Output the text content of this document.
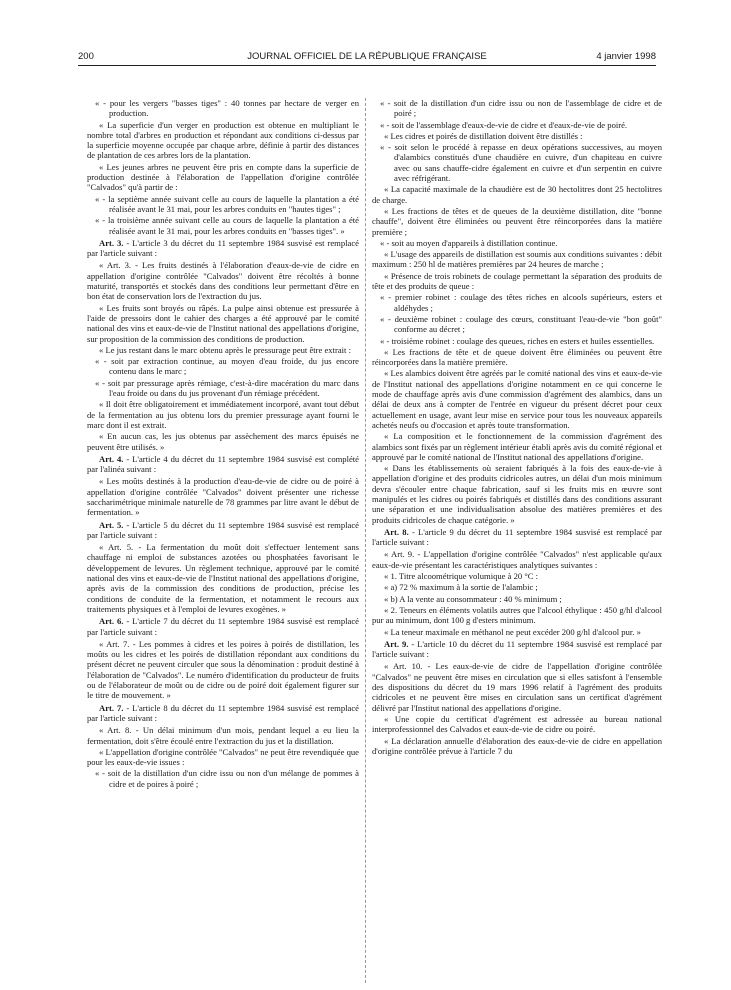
200	JOURNAL OFFICIEL DE LA RÉPUBLIQUE FRANÇAISE	4 janvier 1998

« - pour les vergers "basses tiges" : 40 tonnes par hectare de verger en production.

« La superficie d'un verger en production est obtenue en multipliant le nombre total d'arbres en production et répondant aux conditions ci-dessus par la superficie moyenne occupée par chaque arbre, définie à partir des distances de plantation de ces arbres lors de la plantation.

« Les jeunes arbres ne peuvent être pris en compte dans la superficie de production destinée à l'élaboration de l'appellation d'origine contrôlée "Calvados" qu'à partir de :

« - la septième année suivant celle au cours de laquelle la plantation a été réalisée avant le 31 mai, pour les arbres conduits en "hautes tiges" ;

« - la troisième année suivant celle au cours de laquelle la plantation a été réalisée avant le 31 mai, pour les arbres conduits en "basses tiges". »

Art. 3. - L'article 3 du décret du 11 septembre 1984 susvisé est remplacé par l'article suivant :

« Art. 3. - Les fruits destinés à l'élaboration d'eaux-de-vie de cidre en appellation d'origine contrôlée "Calvados" doivent être récoltés à bonne maturité, transportés et stockés dans des conditions leur permettant d'être en bon état de conservation lors de l'extraction du jus.

« Les fruits sont broyés ou râpés. La pulpe ainsi obtenue est pressurée à l'aide de pressoirs dont le cahier des charges a été approuvé par le comité national des vins et eaux-de-vie de l'Institut national des appellations d'origine, sur proposition de la commission des conditions de production.

« Le jus restant dans le marc obtenu après le pressurage peut être extrait :

« - soit par extraction continue, au moyen d'eau froide, du jus encore contenu dans le marc ;

« - soit par pressurage après rémiage, c'est-à-dire macération du marc dans l'eau froide ou dans du jus provenant d'un rémiage précédent.

« Il doit être obligatoirement et immédiatement incorporé, avant tout début de la fermentation au jus obtenu lors du premier pressurage ayant fourni le marc dont il est extrait.

« En aucun cas, les jus obtenus par assèchement des marcs épuisés ne peuvent être utilisés. »

Art. 4. - L'article 4 du décret du 11 septembre 1984 susvisé est complété par l'alinéa suivant :

« Les moûts destinés à la production d'eau-de-vie de cidre ou de poiré à appellation d'origine contrôlée "Calvados" doivent présenter une richesse saccharimétrique minimale naturelle de 78 grammes par litre avant le début de fermentation. »

Art. 5. - L'article 5 du décret du 11 septembre 1984 susvisé est remplacé par l'article suivant :

« Art. 5. - La fermentation du moût doit s'effectuer lentement sans chauffage ni emploi de substances azotées ou phosphatées favorisant le développement de levures. Un règlement technique, approuvé par le comité national des vins et eaux-de-vie de l'Institut national des appellations d'origine, après avis de la commission des conditions de production, précise les conditions de conduite de la fermentation, et notamment le recours aux traitements physiques et à l'emploi de levures exogènes. »

Art. 6. - L'article 7 du décret du 11 septembre 1984 susvisé est remplacé par l'article suivant :

« Art. 7. - Les pommes à cidres et les poires à poirés de distillation, les moûts ou les cidres et les poirés de distillation répondant aux conditions du présent décret ne peuvent circuler que sous la dénomination : produit destiné à l'élaboration de "Calvados". Le numéro d'identification du producteur de fruits ou de l'élaborateur de moût ou de cidre ou de poiré doit également figurer sur le titre de mouvement. »

Art. 7. - L'article 8 du décret du 11 septembre 1984 susvisé est remplacé par l'article suivant :

« Art. 8. - Un délai minimum d'un mois, pendant lequel a eu lieu la fermentation, doit s'être écoulé entre l'extraction du jus et la distillation.

« L'appellation d'origine contrôlée "Calvados" ne peut être revendiquée que pour les eaux-de-vie issues :

« - soit de la distillation d'un cidre issu ou non d'un mélange de pommes à cidre et de poires à poiré ;

« - soit de la distillation d'un cidre issu ou non de l'assemblage de cidre et de poiré ;

« - soit de l'assemblage d'eaux-de-vie de cidre et d'eaux-de-vie de poiré.

« Les cidres et poirés de distillation doivent être distillés :

« - soit selon le procédé à repasse en deux opérations successives, au moyen d'alambics constitués d'une chaudière en cuivre, d'un chapiteau en cuivre avec ou sans chauffe-cidre également en cuivre et d'un serpentin en cuivre avec réfrigérant.

« La capacité maximale de la chaudière est de 30 hectolitres dont 25 hectolitres de charge.

« Les fractions de têtes et de queues de la deuxième distillation, dite "bonne chauffe", doivent être éliminées ou peuvent être réincorporées dans la matière première ;

« - soit au moyen d'appareils à distillation continue.

« L'usage des appareils de distillation est soumis aux conditions suivantes : débit maximum : 250 hl de matières premières par 24 heures de marche ;

« Présence de trois robinets de coulage permettant la séparation des produits de tête et des produits de queue :

« - premier robinet : coulage des têtes riches en alcools supérieurs, esters et aldéhydes ;

« - deuxième robinet : coulage des cœurs, constituant l'eau-de-vie "bon goût" conforme au décret ;

« - troisième robinet : coulage des queues, riches en esters et huiles essentielles.

« Les fractions de tête et de queue doivent être éliminées ou peuvent être réincorporées dans la matière première.

« Les alambics doivent être agréés par le comité national des vins et eaux-de-vie de l'Institut national des appellations d'origine notamment en ce qui concerne le mode de chauffage après avis d'une commission d'agrément des alambics, dans un délai de deux ans à compter de l'entrée en vigueur du présent décret pour ceux actuellement en usage, avant leur mise en service pour tous les nouveaux appareils achetés neufs ou d'occasion et après toute transformation.

« La composition et le fonctionnement de la commission d'agrément des alambics sont fixés par un règlement intérieur établi après avis du comité régional et approuvé par le comité national de l'Institut national des appellations d'origine.

« Dans les établissements où seraient fabriqués à la fois des eaux-de-vie à appellation d'origine et des produits cidricoles autres, un délai d'un mois minimum devra s'écouler entre chaque fabrication, sauf si les fruits mis en œuvre sont manipulés et les cidres ou poirés fabriqués et distillés dans des conditions assurant une séparation et une individualisation absolue des matières premières et des produits cidricoles de chaque catégorie. »

Art. 8. - L'article 9 du décret du 11 septembre 1984 susvisé est remplacé par l'article suivant :

« Art. 9. - L'appellation d'origine contrôlée "Calvados" n'est applicable qu'aux eaux-de-vie présentant les caractéristiques analytiques suivantes :

« 1. Titre alcoométrique volumique à 20 °C :

« a) 72 % maximum à la sortie de l'alambic ;

« b) A la vente au consommateur : 40 % minimum ;

« 2. Teneurs en éléments volatils autres que l'alcool éthylique : 450 g/hl d'alcool pur au minimum, dont 100 g d'esters minimum.

« La teneur maximale en méthanol ne peut excéder 200 g/hl d'alcool pur. »

Art. 9. - L'article 10 du décret du 11 septembre 1984 susvisé est remplacé par l'article suivant :

« Art. 10. - Les eaux-de-vie de cidre de l'appellation d'origine contrôlée "Calvados" ne peuvent être mises en circulation que si elles satisfont à l'ensemble des dispositions du décret du 19 mars 1996 relatif à l'agrément des produits cidricoles et ne peuvent être mises en circulation sans un certificat d'agrément délivré par l'Institut national des appellations d'origine.

« Une copie du certificat d'agrément est adressée au bureau national interprofessionnel des Calvados et eaux-de-vie de cidre ou poiré.

« La déclaration annuelle d'élaboration des eaux-de-vie de cidre en appellation d'origine contrôlée prévue à l'article 7 du
